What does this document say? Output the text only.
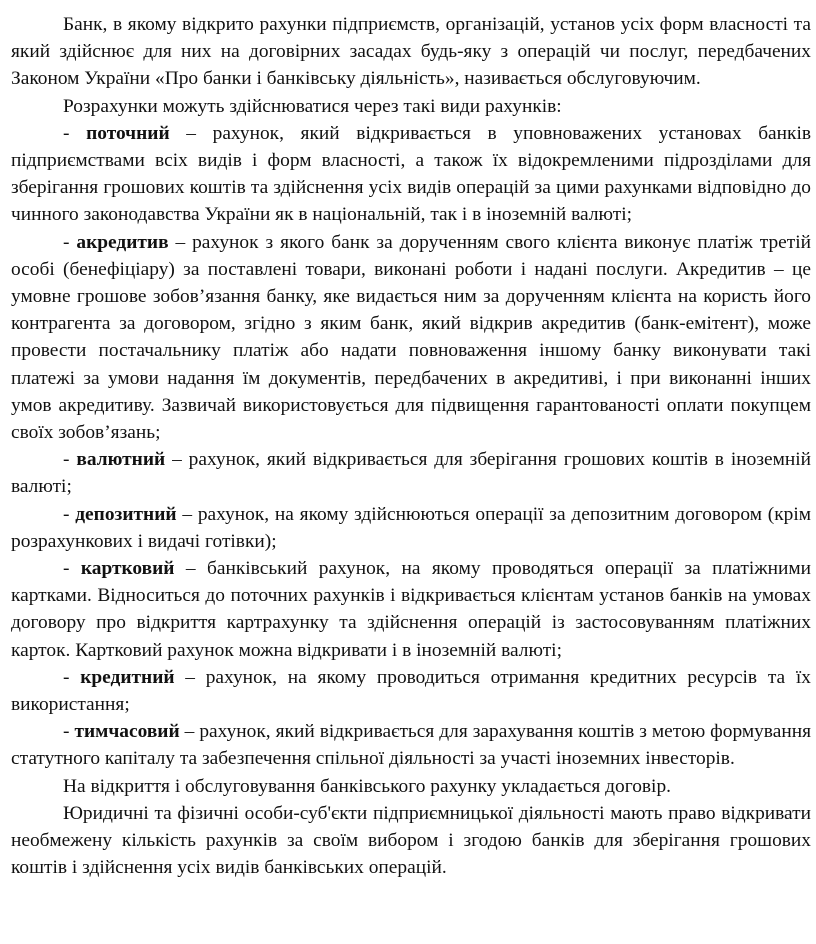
Банк, в якому відкрито рахунки підприємств, організацій, установ усіх форм власності та який здійснює для них на договірних засадах будь-яку з операцій чи послуг, передбачених Законом України «Про банки і банківську діяльність», називається обслуговуючим.

Розрахунки можуть здійснюватися через такі види рахунків:

- поточний – рахунок, який відкривається в уповноважених установах банків підприємствами всіх видів і форм власності, а також їх відокремленими підрозділами для зберігання грошових коштів та здійснення усіх видів операцій за цими рахунками відповідно до чинного законодавства України як в національній, так і в іноземній валюті;

- акредитив – рахунок з якого банк за дорученням свого клієнта виконує платіж третій особі (бенефіціару) за поставлені товари, виконані роботи і надані послуги. Акредитив – це умовне грошове зобов’язання банку, яке видається ним за дорученням клієнта на користь його контрагента за договором, згідно з яким банк, який відкрив акредитив (банк-емітент), може провести постачальнику платіж або надати повноваження іншому банку виконувати такі платежі за умови надання їм документів, передбачених в акредитиві, і при виконанні інших умов акредитиву. Зазвичай використовується для підвищення гарантованості оплати покупцем своїх зобов’язань;

- валютний – рахунок, який відкривається для зберігання грошових коштів в іноземній валюті;

- депозитний – рахунок, на якому здійснюються операції за депозитним договором (крім розрахункових і видачі готівки);

- картковий – банківський рахунок, на якому проводяться операції за платіжними картками. Відноситься до поточних рахунків і відкривається клієнтам установ банків на умовах договору про відкриття картрахунку та здійснення операцій із застосовуванням платіжних карток. Картковий рахунок можна відкривати і в іноземній валюті;

- кредитний – рахунок, на якому проводиться отримання кредитних ресурсів та їх використання;

- тимчасовий – рахунок, який відкривається для зарахування коштів з метою формування статутного капіталу та забезпечення спільної діяльності за участі іноземних інвесторів.

На відкриття і обслуговування банківського рахунку укладається договір.

Юридичні та фізичні особи-суб'єкти підприємницької діяльності мають право відкривати необмежену кількість рахунків за своїм вибором і згодою банків для зберігання грошових коштів і здійснення усіх видів банківських операцій.
